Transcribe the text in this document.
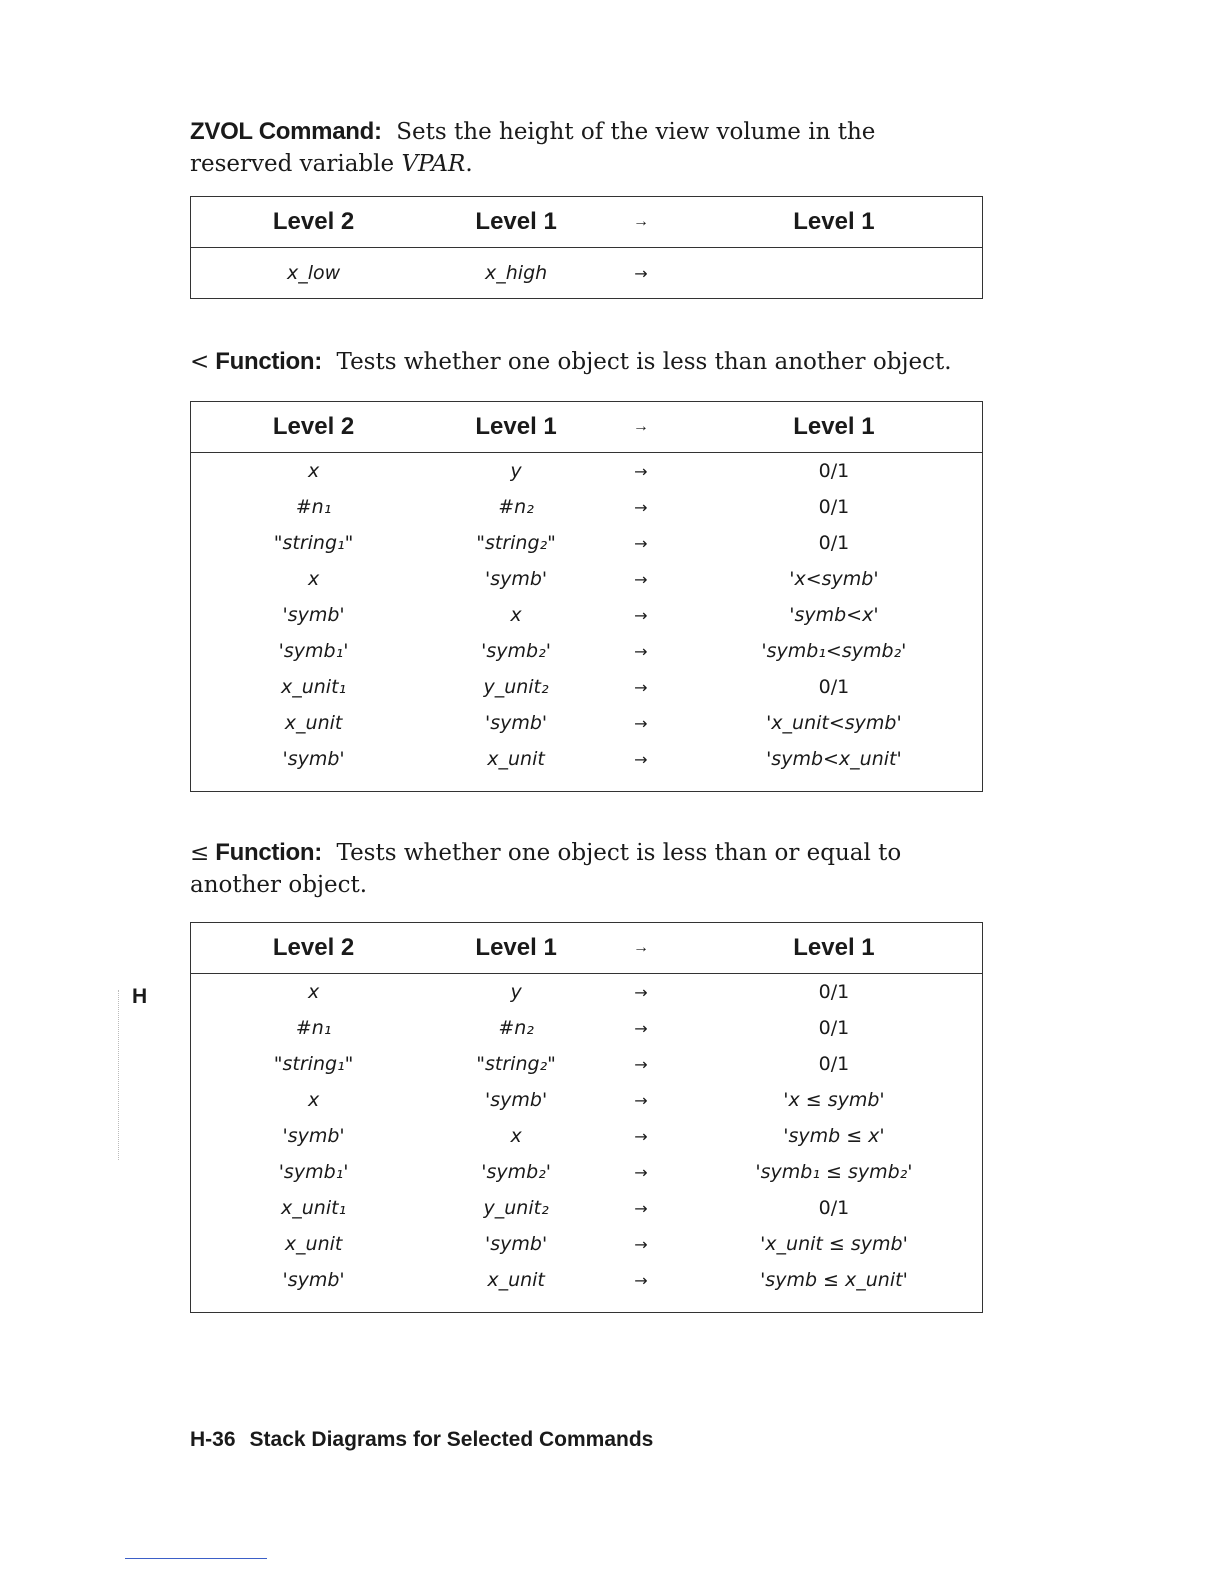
ZVOL Command: Sets the height of the view volume in the reserved variable VPAR.

Level 2	Level 1	→	Level 1
x_low	x_high	→	

< Function: Tests whether one object is less than another object.

Level 2	Level 1	→	Level 1
x	y	→	0/1
#n₁	#n₂	→	0/1
"string₁"	"string₂"	→	0/1
x	'symb'	→	'x<symb'
'symb'	x	→	'symb<x'
'symb₁'	'symb₂'	→	'symb₁<symb₂'
x_unit₁	y_unit₂	→	0/1
x_unit	'symb'	→	'x_unit<symb'
'symb'	x_unit	→	'symb<x_unit'

≤ Function: Tests whether one object is less than or equal to another object.

Level 2	Level 1	→	Level 1
x	y	→	0/1
#n₁	#n₂	→	0/1
"string₁"	"string₂"	→	0/1
x	'symb'	→	'x ≤ symb'
'symb'	x	→	'symb ≤ x'
'symb₁'	'symb₂'	→	'symb₁ ≤ symb₂'
x_unit₁	y_unit₂	→	0/1
x_unit	'symb'	→	'x_unit ≤ symb'
'symb'	x_unit	→	'symb ≤ x_unit'

H
H-36 Stack Diagrams for Selected Commands
